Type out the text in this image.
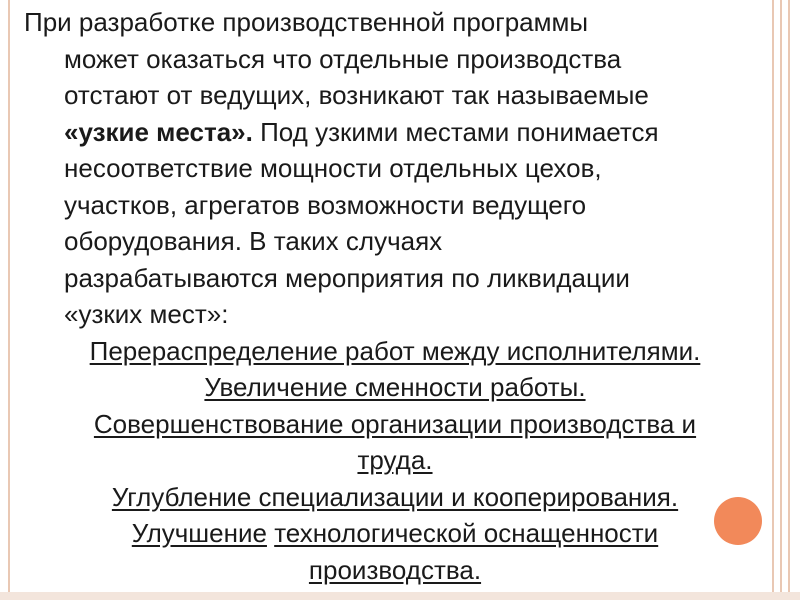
При разработке производственной программы
может оказаться что отдельные производства
отстают от ведущих, возникают так называемые
«узкие места». Под узкими местами понимается
несоответствие мощности отдельных цехов,
участков, агрегатов возможности ведущего
оборудования. В таких случаях
разрабатываются мероприятия по ликвидации
«узких мест»:

Перераспределение работ между исполнителями.
Увеличение сменности работы.
Совершенствование организации производства и
труда.
Углубление специализации и кооперирования.
Улучшение технологической оснащенности
производства.
